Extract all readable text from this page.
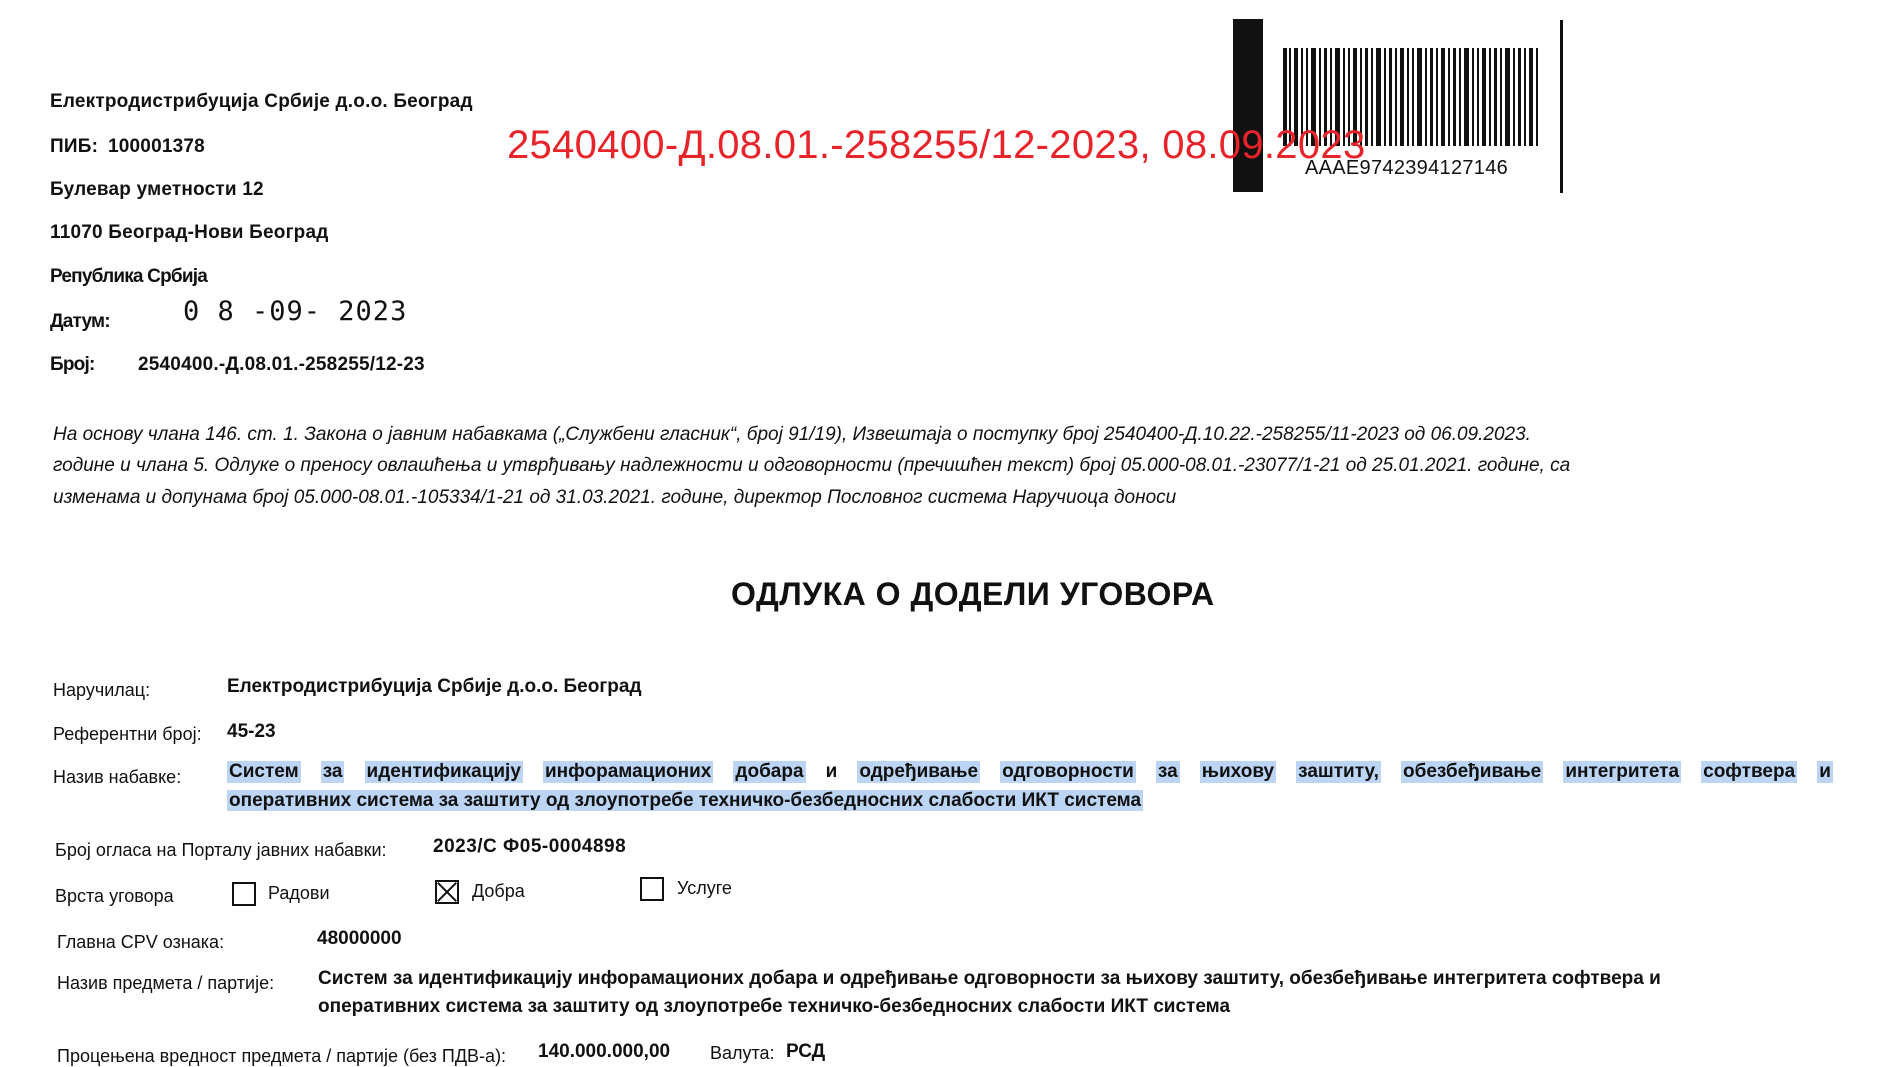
Електродистрибуција Србије д.о.о. Београд
ПИБ: 100001378
Булевар уметности 12
11070 Београд-Нови Београд
Република Србија
Датум:	0 8 -09- 2023
Број: 2540400.-Д.08.01.-258255/12-23
AAAE9742394127146
2540400-Д.08.01.-258255/12-2023, 08.09.2023
На основу члана 146. ст. 1. Закона о јавним набавкама („Службени гласник“, број 91/19), Извештаја о поступку број 2540400-Д.10.22.-258255/11-2023 од 06.09.2023.
године и члана 5. Одлуке о преносу овлашћења и утврђивању надлежности и одговорности (пречишћен текст) број 05.000-08.01.-23077/1-21 од 25.01.2021. године, са
изменама и допунама број 05.000-08.01.-105334/1-21 од 31.03.2021. године, директор Пословног система Наручиоца доноси
ОДЛУКА О ДОДЕЛИ УГОВОРА
Наручилац:	Електродистрибуција Србије д.о.о. Београд
Референтни број: 45-23
Назив набавке:	Систем за идентификацију инфорамационих добара и одређивање одговорности за њихову заштиту, обезбеђивање интегритета софтвера и
оперативних система за заштиту од злоупотребе техничко-безбедносних слабости ИКТ система
Број огласа на Порталу јавних набавки: 2023/С Ф05-0004898
Врста уговора	Радови	Добра	Услуге
Главна CPV ознака:	48000000
Назив предмета / партије: Систем за идентификацију инфорамационих добара и одређивање одговорности за њихову заштиту, обезбеђивање интегритета софтвера и
оперативних система за заштиту од злоупотребе техничко-безбедносних слабости ИКТ система
Процењена вредност предмета / партије (без ПДВ-а): 140.000.000,00 Валута: РСД
